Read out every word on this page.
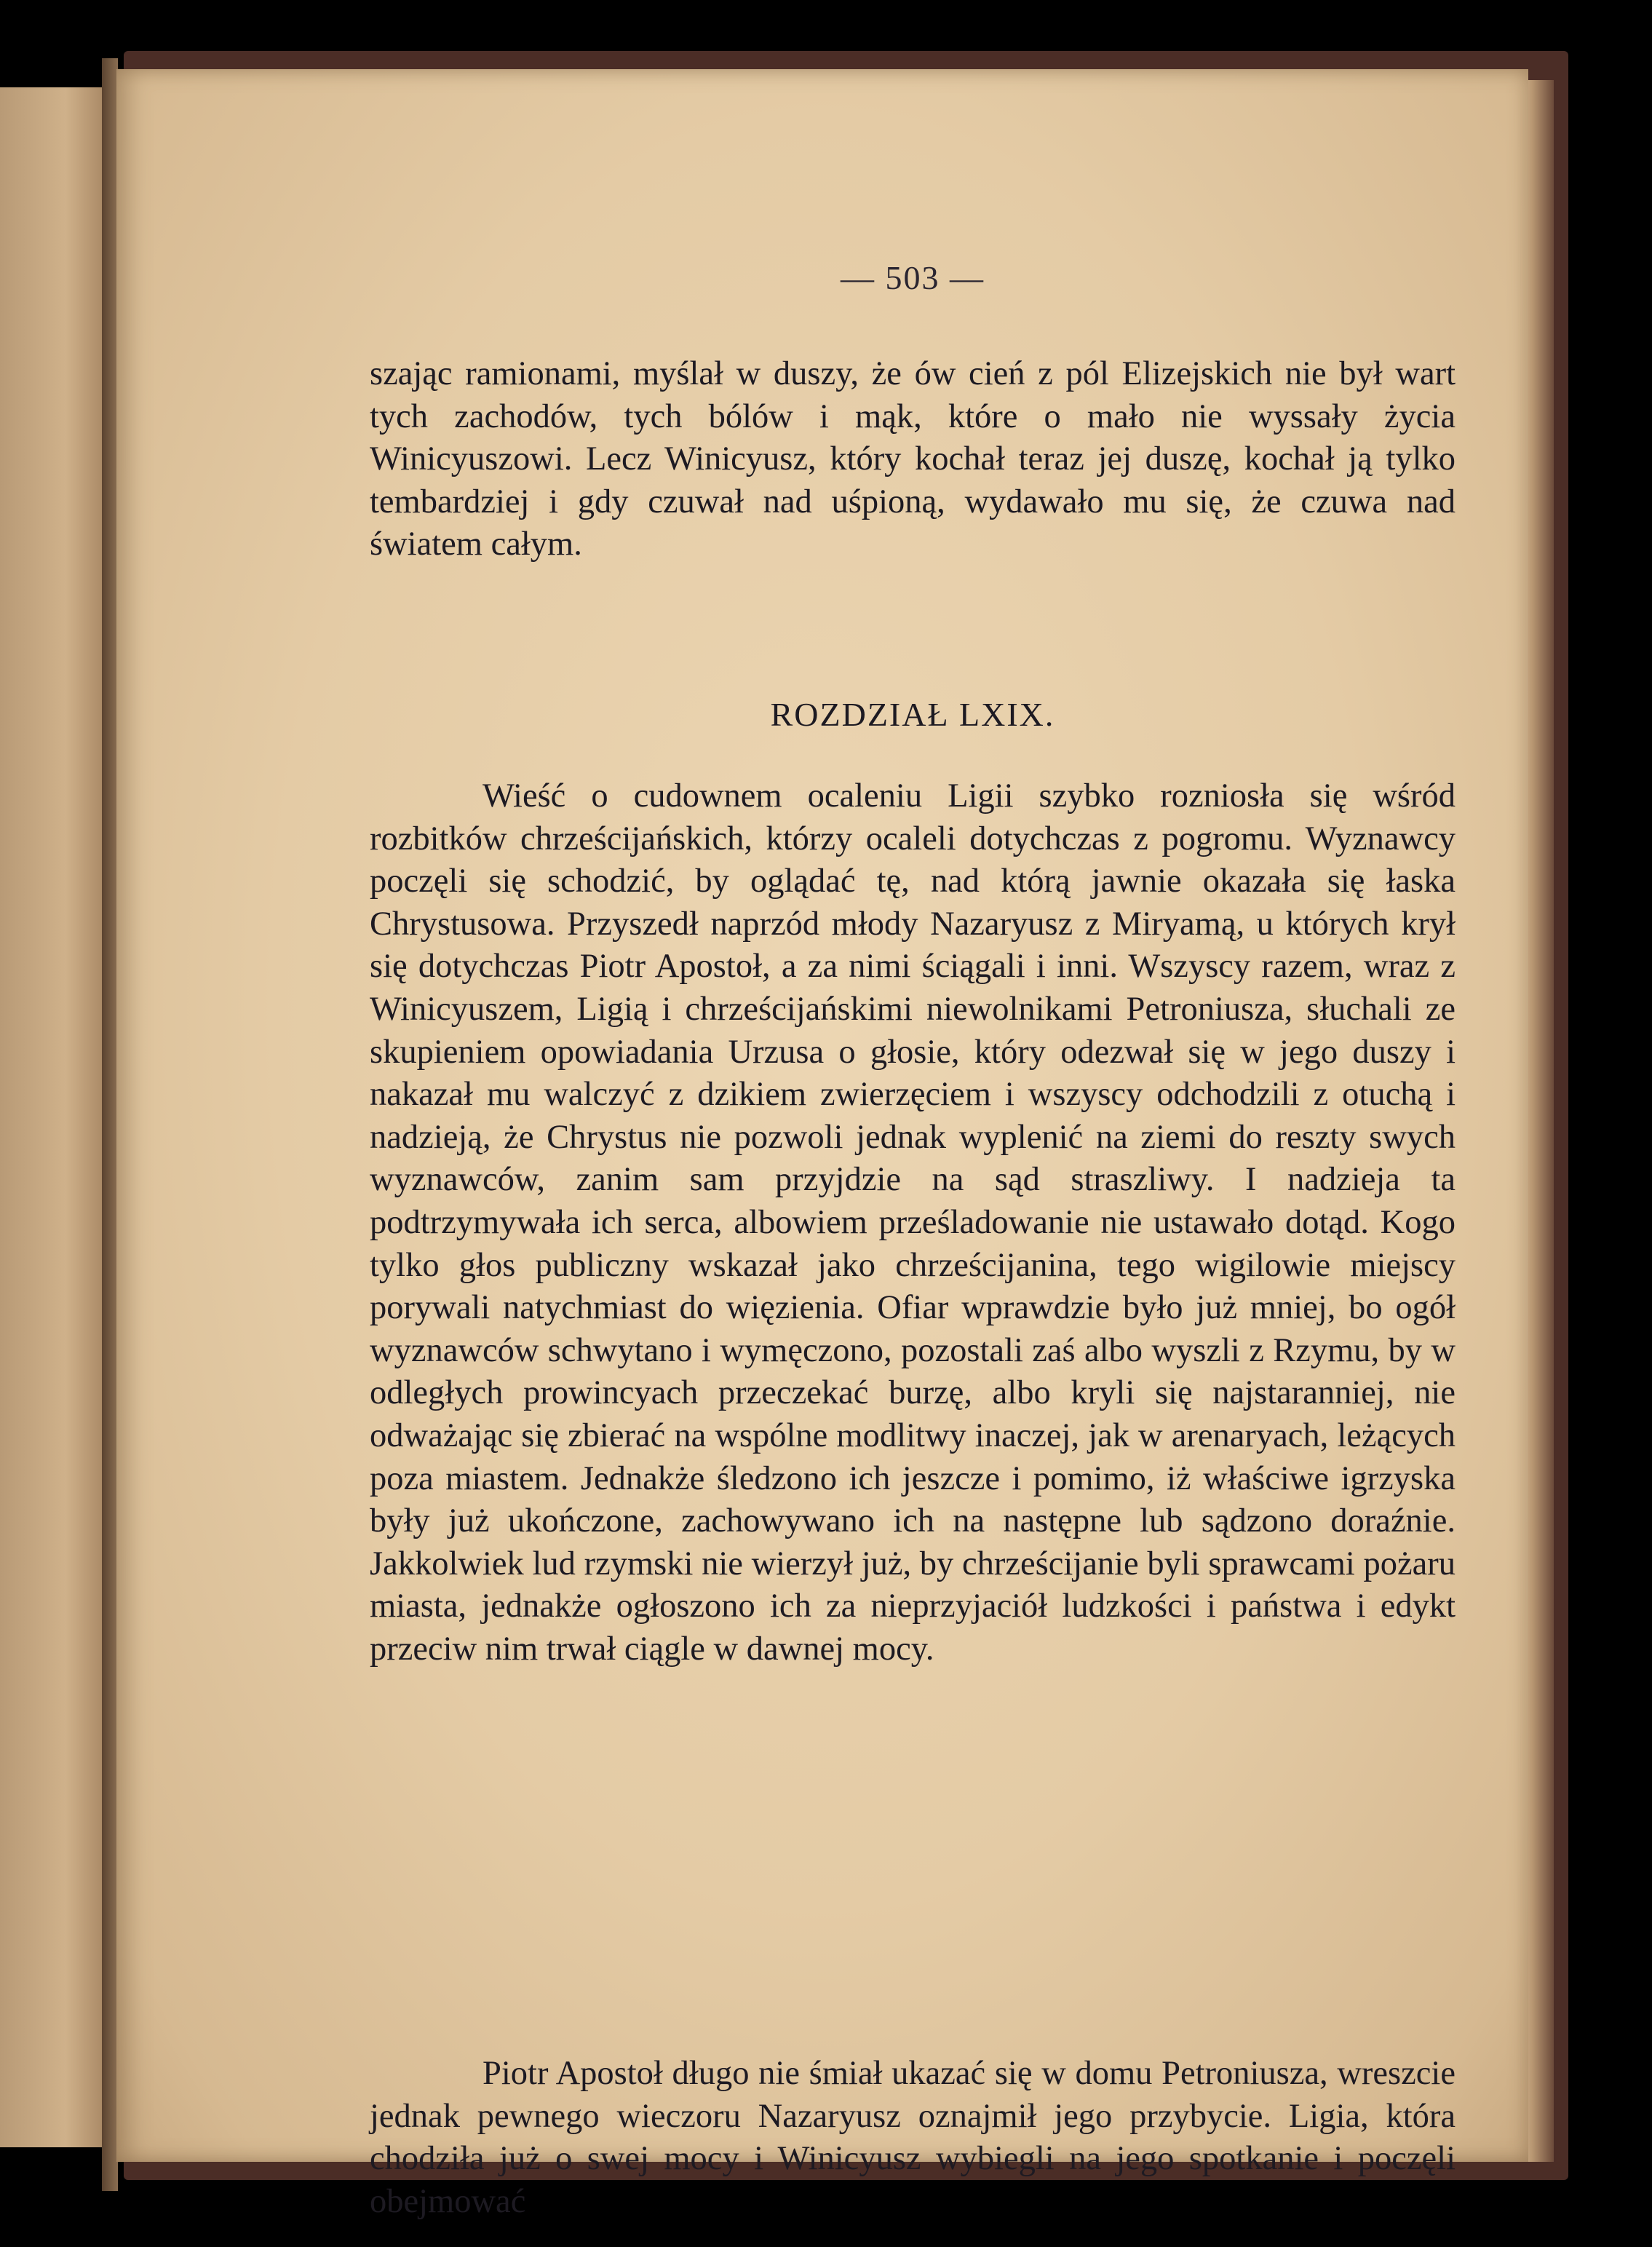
— 503 —

szając ramionami, myślał w duszy, że ów cień z pól Elizejskich nie był wart tych zachodów, tych bólów i mąk, które o mało nie wyssały życia Winicyuszowi. Lecz Winicyusz, który kochał teraz jej duszę, kochał ją tylko tembardziej i gdy czuwał nad uśpioną, wydawało mu się, że czuwa nad światem całym.

ROZDZIAŁ LXIX.

Wieść o cudownem ocaleniu Ligii szybko rozniosła się wśród rozbitków chrześcijańskich, którzy ocaleli dotychczas z pogromu. Wyznawcy poczęli się schodzić, by oglądać tę, nad którą jawnie okazała się łaska Chrystusowa. Przyszedł naprzód młody Nazaryusz z Miryamą, u których krył się dotychczas Piotr Apostoł, a za nimi ściągali i inni. Wszyscy razem, wraz z Winicyuszem, Ligią i chrześcijańskimi niewolnikami Petroniusza, słuchali ze skupieniem opowiadania Urzusa o głosie, który odezwał się w jego duszy i nakazał mu walczyć z dzikiem zwierzęciem i wszyscy odchodzili z otuchą i nadzieją, że Chrystus nie pozwoli jednak wyplenić na ziemi do reszty swych wyznawców, zanim sam przyjdzie na sąd straszliwy. I nadzieja ta podtrzymywała ich serca, albowiem prześladowanie nie ustawało dotąd. Kogo tylko głos publiczny wskazał jako chrześcijanina, tego wigilowie miejscy porywali natychmiast do więzienia. Ofiar wprawdzie było już mniej, bo ogół wyznawców schwytano i wymęczono, pozostali zaś albo wyszli z Rzymu, by w odległych prowincyach przeczekać burzę, albo kryli się najstaranniej, nie odważając się zbierać na wspólne modlitwy inaczej, jak w arenaryach, leżących poza miastem. Jednakże śledzono ich jeszcze i pomimo, iż właściwe igrzyska były już ukończone, zachowywano ich na następne lub sądzono doraźnie. Jakkolwiek lud rzymski nie wierzył już, by chrześcijanie byli sprawcami pożaru miasta, jednakże ogłoszono ich za nieprzyjaciół ludzkości i państwa i edykt przeciw nim trwał ciągle w dawnej mocy.

Piotr Apostoł długo nie śmiał ukazać się w domu Petroniusza, wreszcie jednak pewnego wieczoru Nazaryusz oznajmił jego przybycie. Ligia, która chodziła już o swej mocy i Winicyusz wybiegli na jego spotkanie i poczęli obejmować
